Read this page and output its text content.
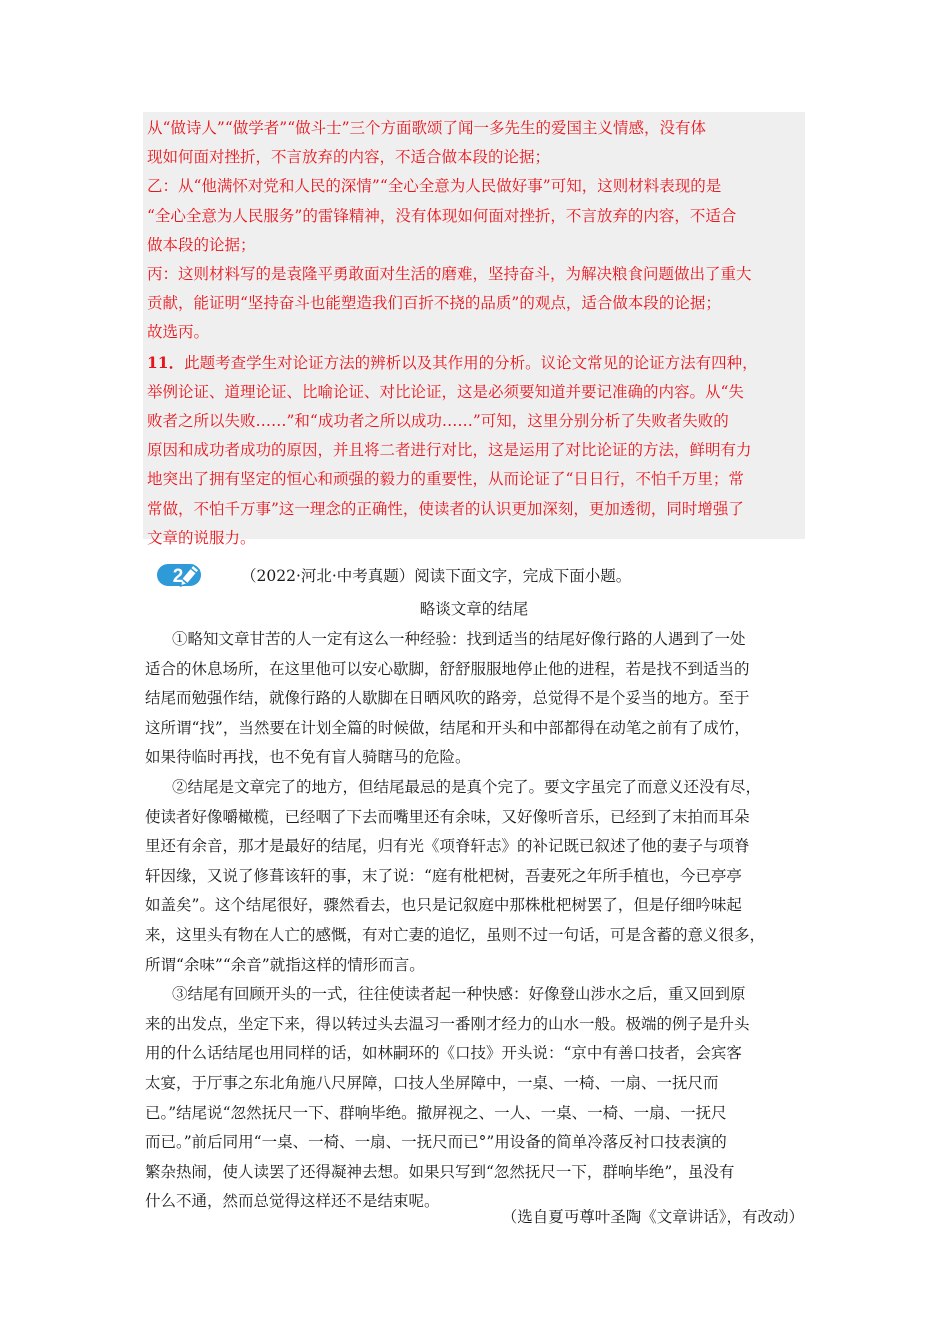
从“做诗人”“做学者”“做斗士”三个方面歌颂了闻一多先生的爱国主义情感，没有体
现如何面对挫折，不言放弃的内容，不适合做本段的论据；
乙：从“他满怀对党和人民的深情”“全心全意为人民做好事”可知，这则材料表现的是
“全心全意为人民服务”的雷锋精神，没有体现如何面对挫折，不言放弃的内容，不适合
做本段的论据；
丙：这则材料写的是袁隆平勇敢面对生活的磨难，坚持奋斗，为解决粮食问题做出了重大
贡献，能证明“坚持奋斗也能塑造我们百折不挠的品质”的观点，适合做本段的论据；
故选丙。
11．此题考查学生对论证方法的辨析以及其作用的分析。议论文常见的论证方法有四种，
举例论证、道理论证、比喻论证、对比论证，这是必须要知道并要记准确的内容。从“失
败者之所以失败……”和“成功者之所以成功……”可知，这里分别分析了失败者失败的
原因和成功者成功的原因，并且将二者进行对比，这是运用了对比论证的方法，鲜明有力
地突出了拥有坚定的恒心和顽强的毅力的重要性，从而论证了“日日行，不怕千万里；常
常做，不怕千万事”这一理念的正确性，使读者的认识更加深刻，更加透彻，同时增强了
文章的说服力。
2	（2022·河北·中考真题）阅读下面文字，完成下面小题。
略谈文章的结尾
①略知文章甘苦的人一定有这么一种经验：找到适当的结尾好像行路的人遇到了一处
适合的休息场所，在这里他可以安心歇脚，舒舒服服地停止他的进程，若是找不到适当的
结尾而勉强作结，就像行路的人歇脚在日晒风吹的路旁，总觉得不是个妥当的地方。至于
这所谓“找”，当然要在计划全篇的时候做，结尾和开头和中部都得在动笔之前有了成竹，
如果待临时再找，也不免有盲人骑瞎马的危险。
②结尾是文章完了的地方，但结尾最忌的是真个完了。要文字虽完了而意义还没有尽，
使读者好像嚼橄榄，已经咽了下去而嘴里还有余味，又好像听音乐，已经到了末拍而耳朵
里还有余音，那才是最好的结尾，归有光《项脊轩志》的补记既已叙述了他的妻子与项脊
轩因缘，又说了修葺该轩的事，末了说：“庭有枇杷树，吾妻死之年所手植也，今已亭亭
如盖矣”。这个结尾很好，骤然看去，也只是记叙庭中那株枇杷树罢了，但是仔细吟味起
来，这里头有物在人亡的感慨，有对亡妻的追忆，虽则不过一句话，可是含蓄的意义很多，
所谓“余味”“余音”就指这样的情形而言。
③结尾有回顾开头的一式，往往使读者起一种快感：好像登山涉水之后，重又回到原
来的出发点，坐定下来，得以转过头去温习一番刚才经力的山水一般。极端的例子是升头
用的什么话结尾也用同样的话，如林嗣环的《口技》开头说：“京中有善口技者，会宾客
太宴，于厅事之东北角施八尺屏障，口技人坐屏障中，一桌、一椅、一扇、一抚尺而
已。”结尾说“忽然抚尺一下、群响毕绝。撤屏视之、一人、一桌、一椅、一扇、一抚尺
而已。”前后同用“一桌、一椅、一扇、一抚尺而已°”用设备的简单冷落反衬口技表演的
繁杂热闹，使人读罢了还得凝神去想。如果只写到“忽然抚尺一下，群响毕绝”，虽没有
什么不通，然而总觉得这样还不是结束呢。
（选自夏丏尊叶圣陶《文章讲话》，有改动）
